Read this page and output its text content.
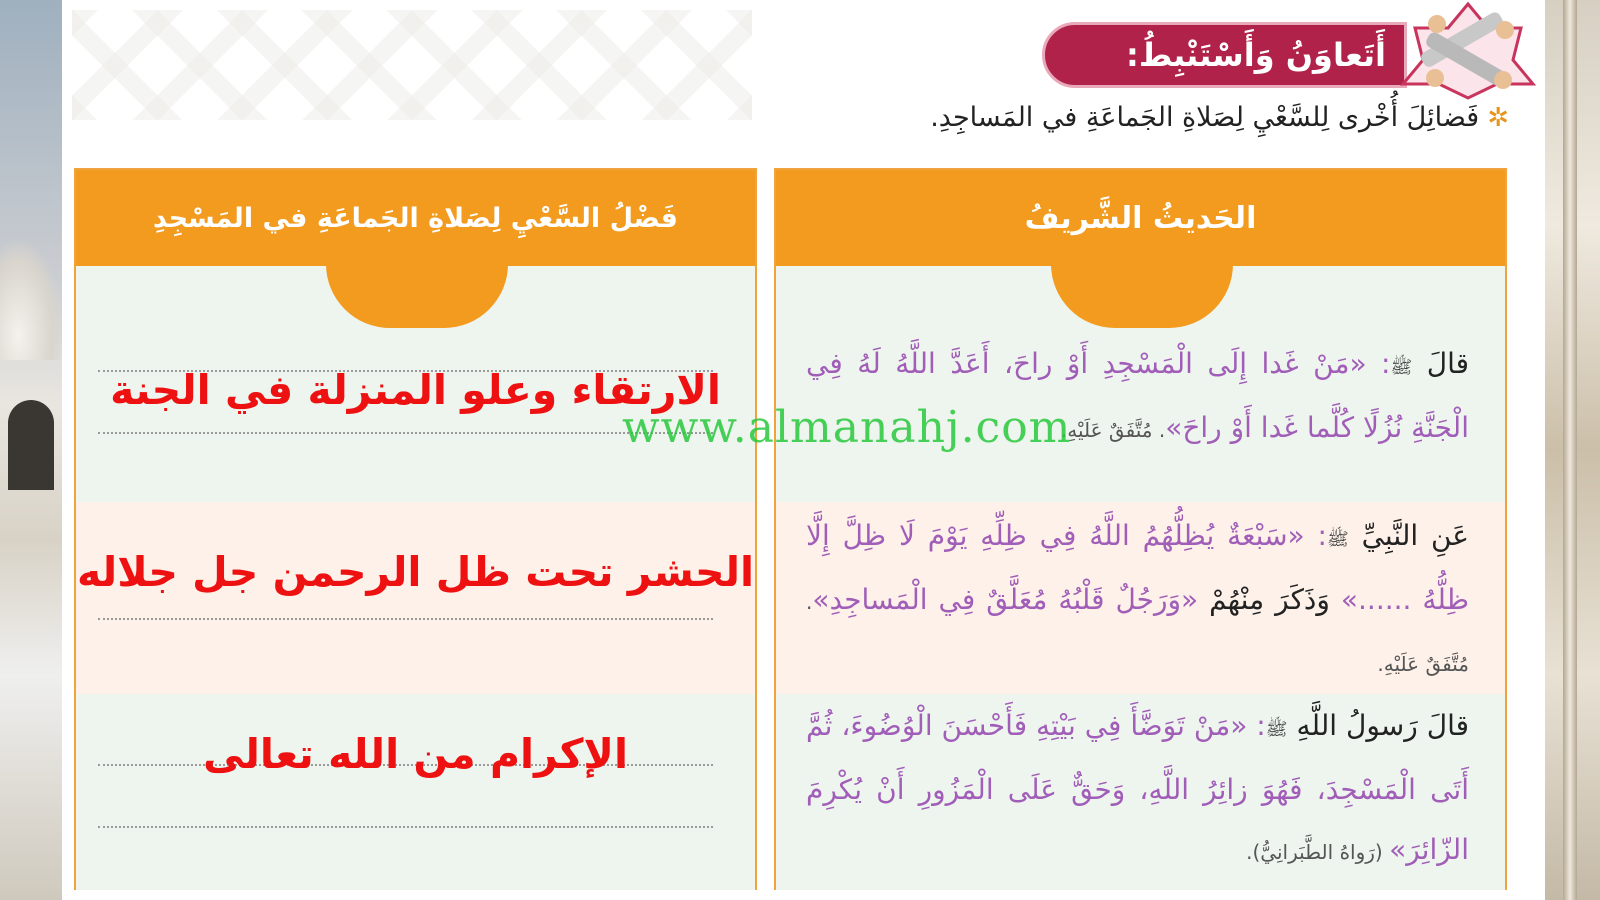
أَتَعاوَنُ وَأَسْتَنْبِطُ:
✲
فَضائِلَ أُخْرى لِلسَّعْيِ لِصَلاةِ الجَماعَةِ في المَساجِدِ.
الحَديثُ الشَّريفُ
قالَ ﷺ: «مَنْ غَدا إِلَى الْمَسْجِدِ أَوْ راحَ، أَعَدَّ اللَّهُ لَهُ فِي الْجَنَّةِ نُزُلًا كُلَّما غَدا أَوْ راحَ». مُتَّفَقٌ عَلَيْهِ.
عَنِ النَّبِيِّ ﷺ: «سَبْعَةٌ يُظِلُّهُمُ اللَّهُ فِي ظِلِّهِ يَوْمَ لَا ظِلَّ إِلَّا ظِلُّهُ ......» وَذَكَرَ مِنْهُمْ «وَرَجُلٌ قَلْبُهُ مُعَلَّقٌ فِي الْمَساجِدِ». مُتَّفَقٌ عَلَيْهِ.
قالَ رَسولُ اللَّهِ ﷺ: «مَنْ تَوَضَّأَ فِي بَيْتِهِ فَأَحْسَنَ الْوُضُوءَ، ثُمَّ أَتَى الْمَسْجِدَ، فَهُوَ زائِرُ اللَّهِ، وَحَقٌّ عَلَى الْمَزُورِ أَنْ يُكْرِمَ الزّائِرَ» (رَواهُ الطَّبَرانِيُّ).
فَضْلُ السَّعْيِ لِصَلاةِ الجَماعَةِ في المَسْجِدِ
الارتقاء وعلو المنزلة في الجنة
الحشر تحت ظل الرحمن جل جلاله
الإكرام من الله تعالى
www.almanahj.com
